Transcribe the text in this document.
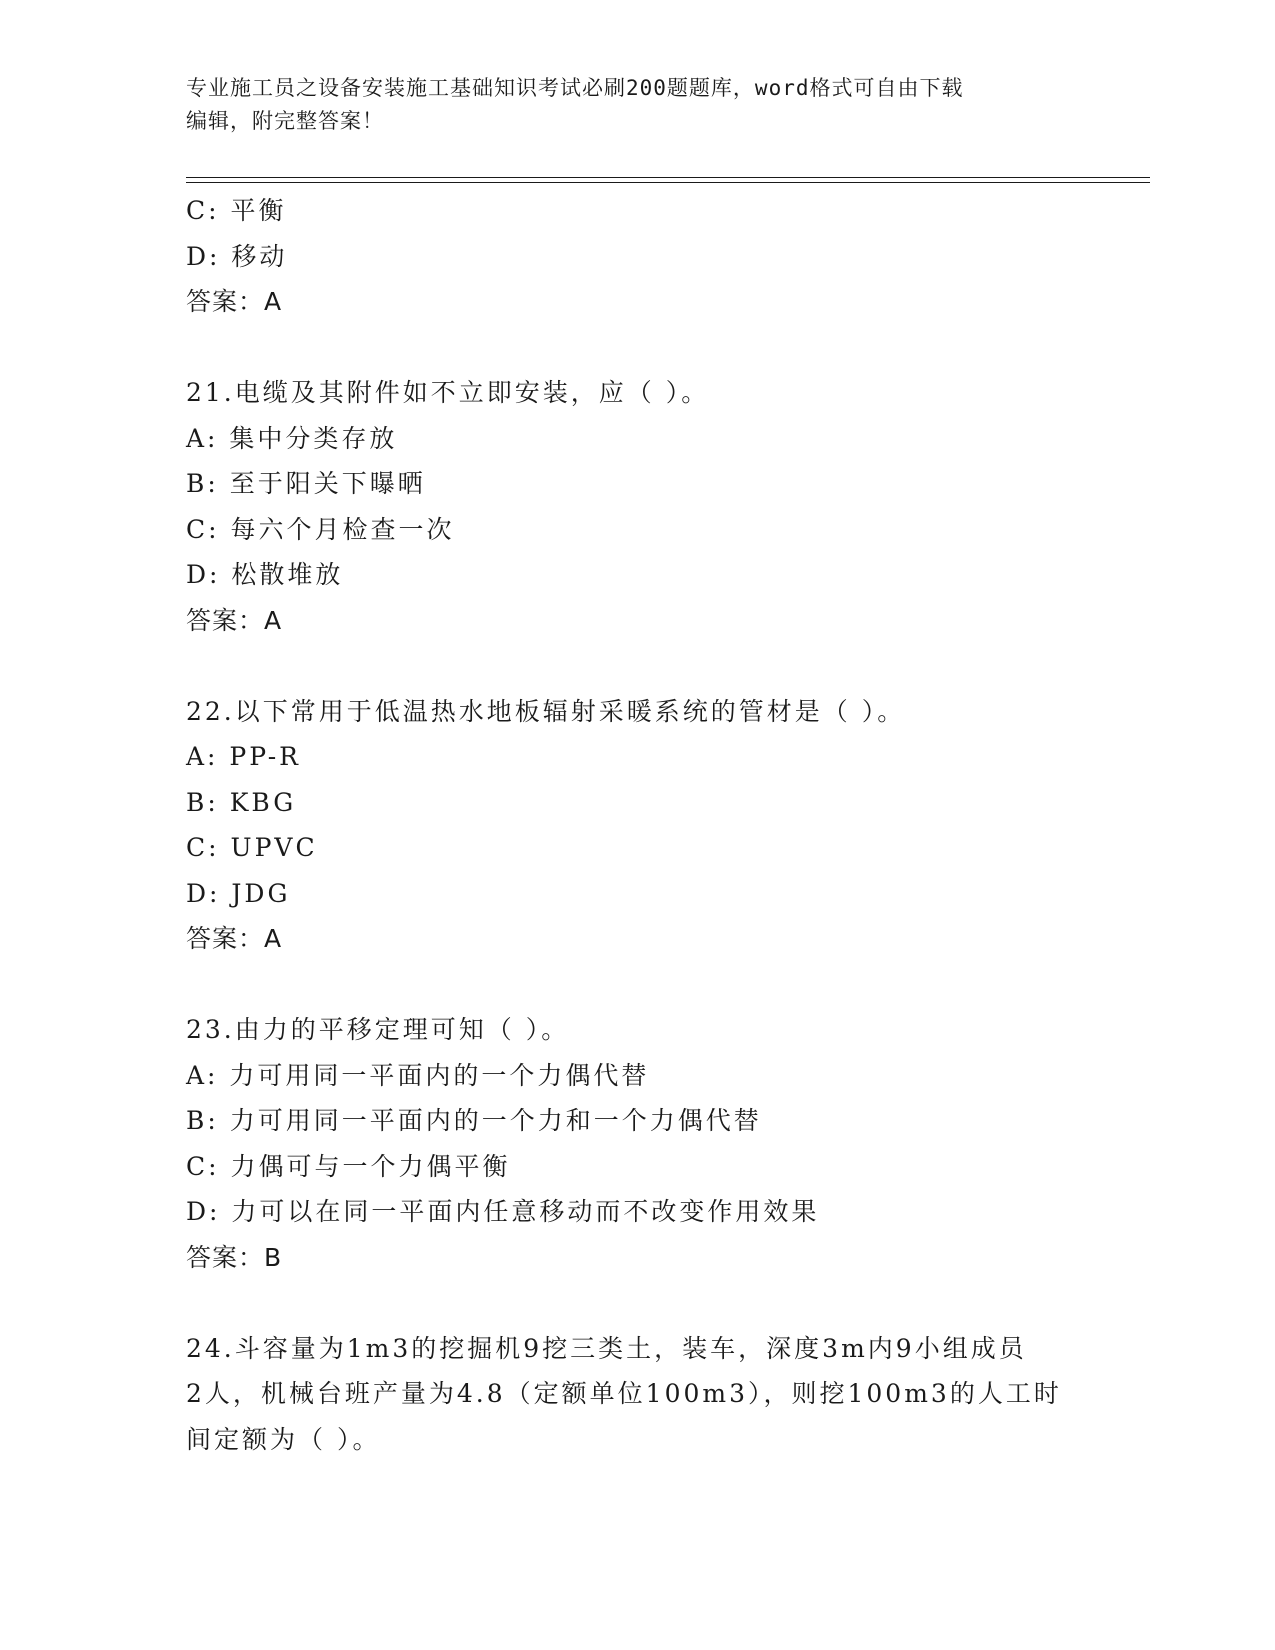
专业施工员之设备安装施工基础知识考试必刷200题题库，word格式可自由下载
编辑，附完整答案！
C: 平衡
D: 移动
答案：A
21.电缆及其附件如不立即安装，应（ ）。
A: 集中分类存放
B: 至于阳关下曝晒
C: 每六个月检查一次
D: 松散堆放
答案：A
22.以下常用于低温热水地板辐射采暖系统的管材是（ ）。
A: PP-R
B: KBG
C: UPVC
D: JDG
答案：A
23.由力的平移定理可知（ ）。
A: 力可用同一平面内的一个力偶代替
B: 力可用同一平面内的一个力和一个力偶代替
C: 力偶可与一个力偶平衡
D: 力可以在同一平面内任意移动而不改变作用效果
答案：B
24.斗容量为1m3的挖掘机9挖三类土，装车，深度3m内9小组成员
2人，机械台班产量为4.8（定额单位100m3），则挖100m3的人工时
间定额为（ ）。
